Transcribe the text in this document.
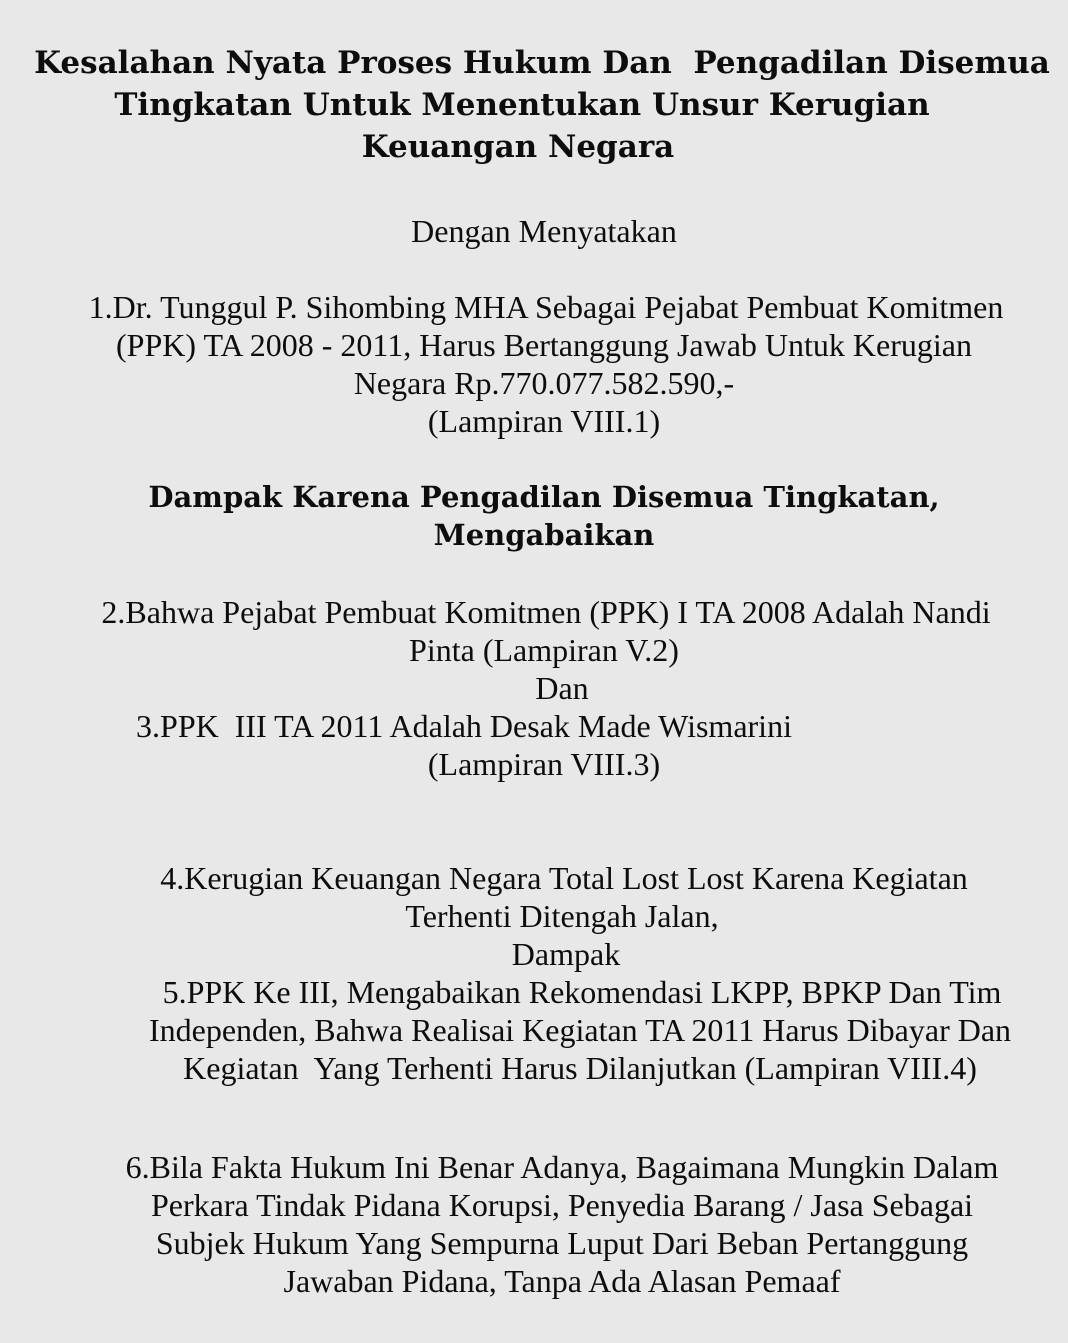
Kesalahan Nyata Proses Hukum Dan  Pengadilan Disemua
Tingkatan Untuk Menentukan Unsur Kerugian
Keuangan Negara
Dengan Menyatakan
1.Dr. Tunggul P. Sihombing MHA Sebagai Pejabat Pembuat Komitmen
(PPK) TA 2008 - 2011, Harus Bertanggung Jawab Untuk Kerugian
Negara Rp.770.077.582.590,-
(Lampiran VIII.1)
Dampak Karena Pengadilan Disemua Tingkatan,
Mengabaikan
2.Bahwa Pejabat Pembuat Komitmen (PPK) I TA 2008 Adalah Nandi
Pinta (Lampiran V.2)
Dan
3.PPK  III TA 2011 Adalah Desak Made Wismarini
(Lampiran VIII.3)
4.Kerugian Keuangan Negara Total Lost Lost Karena Kegiatan
Terhenti Ditengah Jalan,
Dampak
5.PPK Ke III, Mengabaikan Rekomendasi LKPP, BPKP Dan Tim
Independen, Bahwa Realisai Kegiatan TA 2011 Harus Dibayar Dan
Kegiatan  Yang Terhenti Harus Dilanjutkan (Lampiran VIII.4)
6.Bila Fakta Hukum Ini Benar Adanya, Bagaimana Mungkin Dalam
Perkara Tindak Pidana Korupsi, Penyedia Barang / Jasa Sebagai
Subjek Hukum Yang Sempurna Luput Dari Beban Pertanggung
Jawaban Pidana, Tanpa Ada Alasan Pemaaf
